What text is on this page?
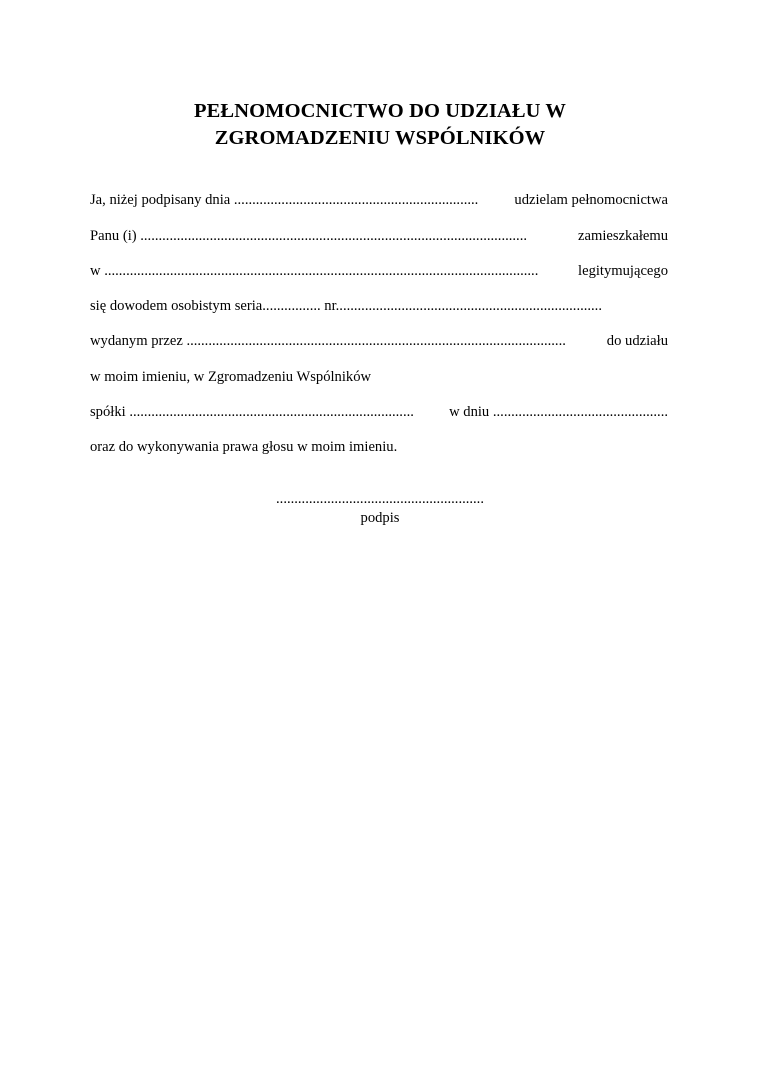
PEŁNOMOCNICTWO DO UDZIAŁU W
ZGROMADZENIU WSPÓLNIKÓW
Ja, niżej podpisany dnia ................................................................... udzielam pełnomocnictwa
Panu (i) ..........................................................................................................	zamieszkałemu
w .......................................................................................................................	legitymującego
się dowodem osobistym seria................ nr.........................................................................
wydanym przez ........................................................................................................	do udziału
w moim imieniu, w Zgromadzeniu Wspólników
spółki .............................................................................. w dniu ................................................
oraz do wykonywania prawa głosu w moim imieniu.
.........................................................
podpis
